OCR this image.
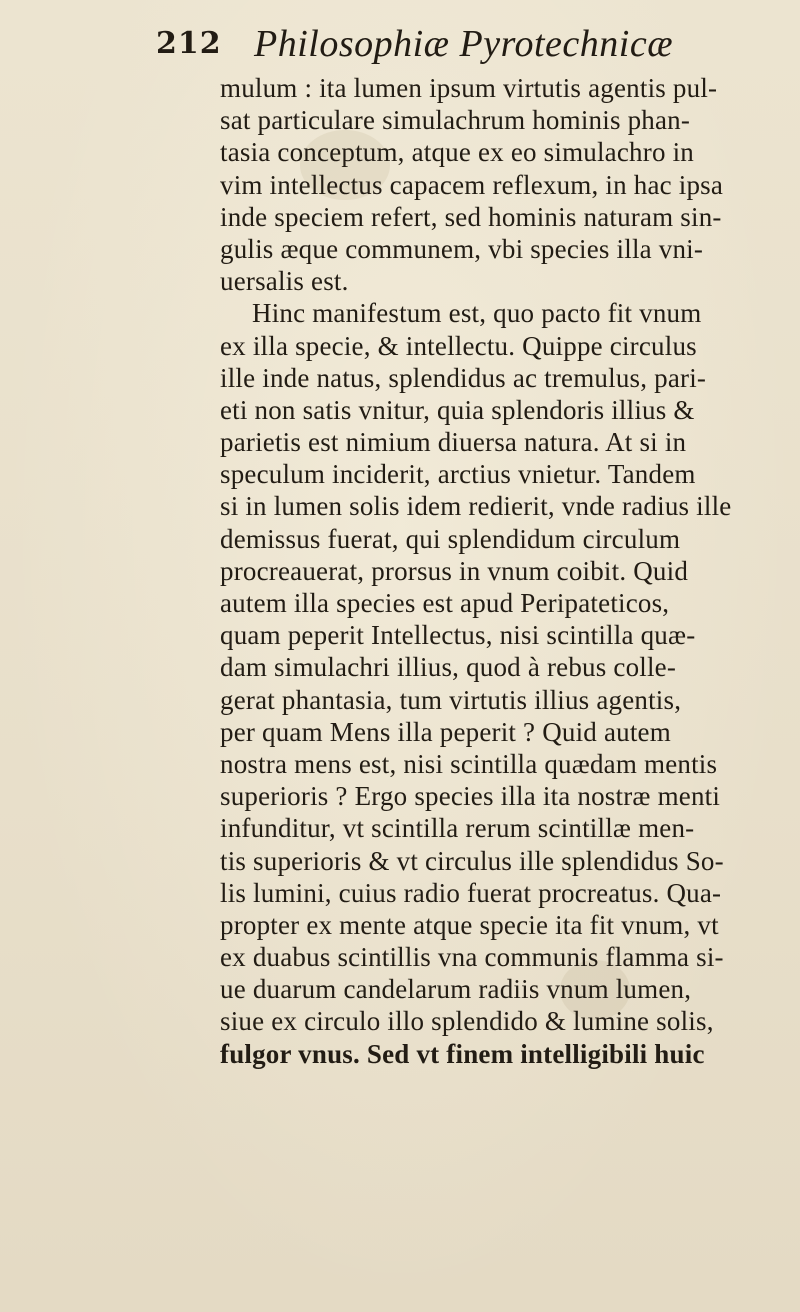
212 Philosophiæ Pyrotechnicæ
mulum : ita lumen ipsum virtutis agentis pul-
sat particulare simulachrum hominis phan-
tasia conceptum, atque ex eo simulachro in
vim intellectus capacem reflexum, in hac ipsa
inde speciem refert, sed hominis naturam sin-
gulis æque communem, vbi species illa vni-
uersalis est.
Hinc manifestum est, quo pacto fit vnum
ex illa specie, & intellectu. Quippe circulus
ille inde natus, splendidus ac tremulus, pari-
eti non satis vnitur, quia splendoris illius &
parietis est nimium diuersa natura. At si in
speculum inciderit, arctius vnietur. Tandem
si in lumen solis idem redierit, vnde radius ille
demissus fuerat, qui splendidum circulum
procreauerat, prorsus in vnum coibit. Quid
autem illa species est apud Peripateticos,
quam peperit Intellectus, nisi scintilla quæ-
dam simulachri illius, quod à rebus colle-
gerat phantasia, tum virtutis illius agentis,
per quam Mens illa peperit ? Quid autem
nostra mens est, nisi scintilla quædam mentis
superioris ? Ergo species illa ita nostræ menti
infunditur, vt scintilla rerum scintillæ men-
tis superioris & vt circulus ille splendidus So-
lis lumini, cuius radio fuerat procreatus. Qua-
propter ex mente atque specie ita fit vnum, vt
ex duabus scintillis vna communis flamma si-
ue duarum candelarum radiis vnum lumen,
siue ex circulo illo splendido & lumine solis,
fulgor vnus. Sed vt finem intelligibili huic
